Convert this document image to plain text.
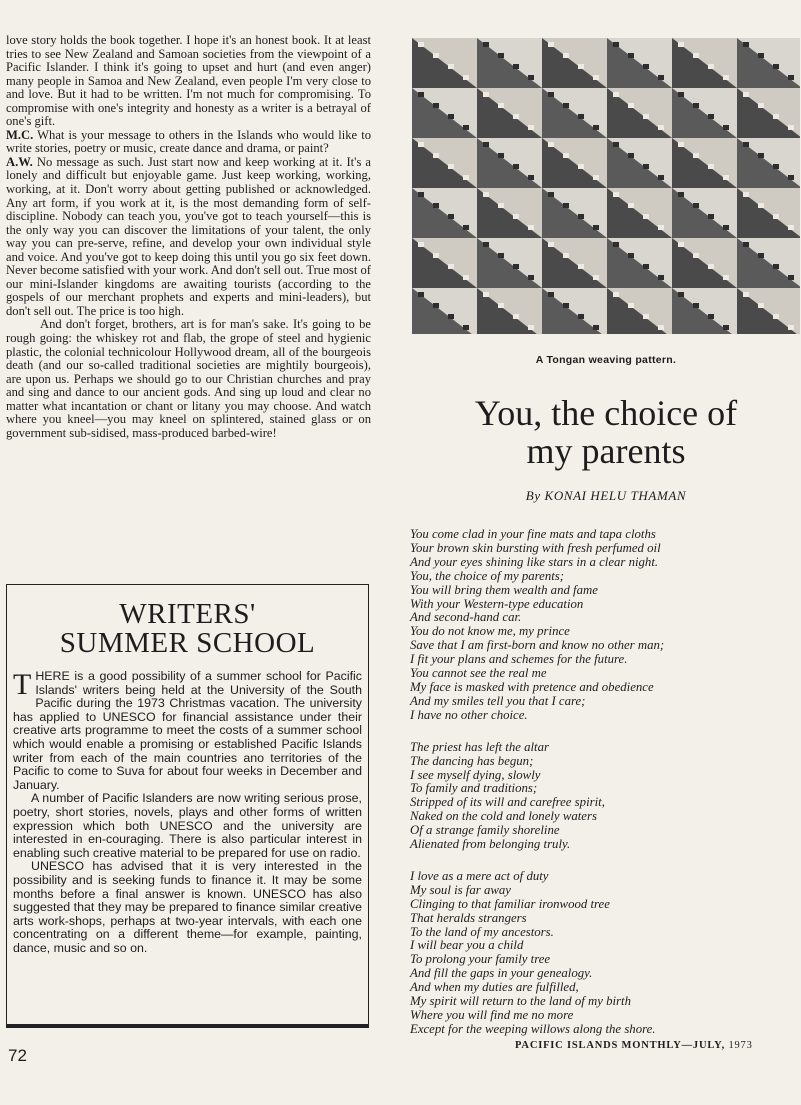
love story holds the book together. I hope it's an honest book. It at least tries to see New Zealand and Samoan societies from the viewpoint of a Pacific Islander. I think it's going to upset and hurt (and even anger) many people in Samoa and New Zealand, even people I'm very close to and love. But it had to be written. I'm not much for compromising. To compromise with one's integrity and honesty as a writer is a betrayal of one's gift.

M.C. What is your message to others in the Islands who would like to write stories, poetry or music, create dance and drama, or paint?

A.W. No message as such. Just start now and keep working at it. It's a lonely and difficult but enjoyable game. Just keep working, working, working, at it. Don't worry about getting published or acknowledged. Any art form, if you work at it, is the most demanding form of self-discipline. Nobody can teach you, you've got to teach yourself—this is the only way you can discover the limitations of your talent, the only way you can pre-serve, refine, and develop your own individual style and voice. And you've got to keep doing this until you go six feet down. Never become satisfied with your work. And don't sell out. True most of our mini-Islander kingdoms are awaiting tourists (according to the gospels of our merchant prophets and experts and mini-leaders), but don't sell out. The price is too high.

And don't forget, brothers, art is for man's sake. It's going to be rough going: the whiskey rot and flab, the grope of steel and hygienic plastic, the colonial technicolour Hollywood dream, all of the bourgeois death (and our so-called traditional societies are mightily bourgeois), are upon us. Perhaps we should go to our Christian churches and pray and sing and dance to our ancient gods. And sing up loud and clear no matter what incantation or chant or litany you may choose. And watch where you kneel—you may kneel on splintered, stained glass or on government sub-sidised, mass-produced barbed-wire!

WRITERS'
SUMMER SCHOOL

THERE is a good possibility of a summer school for Pacific Islands' writers being held at the University of the South Pacific during the 1973 Christmas vacation. The university has applied to UNESCO for financial assistance under their creative arts programme to meet the costs of a summer school which would enable a promising or established Pacific Islands writer from each of the main countries ano territories of the Pacific to come to Suva for about four weeks in December and January.

A number of Pacific Islanders are now writing serious prose, poetry, short stories, novels, plays and other forms of written expression which both UNESCO and the university are interested in en-couraging. There is also particular interest in enabling such creative material to be prepared for use on radio.

UNESCO has advised that it is very interested in the possibility and is seeking funds to finance it. It may be some months before a final answer is known. UNESCO has also suggested that they may be prepared to finance similar creative arts work-shops, perhaps at two-year intervals, with each one concentrating on a different theme—for example, painting, dance, music and so on.

72
A Tongan weaving pattern.
You, the choice of
my parents
By KONAI HELU THAMAN
You come clad in your fine mats and tapa cloths
Your brown skin bursting with fresh perfumed oil
And your eyes shining like stars in a clear night.
You, the choice of my parents;
You will bring them wealth and fame
With your Western-type education
And second-hand car.
You do not know me, my prince
Save that I am first-born and know no other man;
I fit your plans and schemes for the future.
You cannot see the real me
My face is masked with pretence and obedience
And my smiles tell you that I care;
I have no other choice.
The priest has left the altar
The dancing has begun;
I see myself dying, slowly
To family and traditions;
Stripped of its will and carefree spirit,
Naked on the cold and lonely waters
Of a strange family shoreline
Alienated from belonging truly.
I love as a mere act of duty
My soul is far away
Clinging to that familiar ironwood tree
That heralds strangers
To the land of my ancestors.
I will bear you a child
To prolong your family tree
And fill the gaps in your genealogy.
And when my duties are fulfilled,
My spirit will return to the land of my birth
Where you will find me no more
Except for the weeping willows along the shore.
PACIFIC ISLANDS MONTHLY—JULY, 1973
